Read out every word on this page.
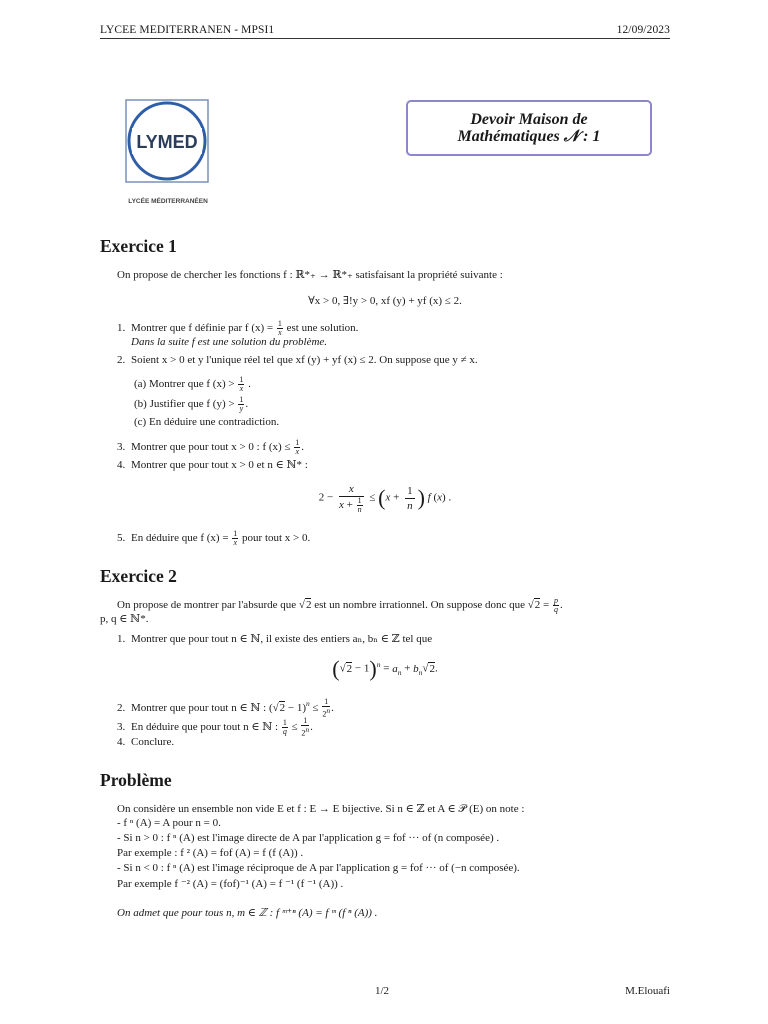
LYCEE MEDITERRANEN - MPSI1	12/09/2023
LYMED
LYCÉE MÉDITERRANÉEN
Devoir Maison de
Mathématiques 𝒩 : 1
Exercice 1
On propose de chercher les fonctions f : ℝ*₊ → ℝ*₊ satisfaisant la propriété suivante :
∀x > 0, ∃!y > 0, xf (y) + yf (x) ≤ 2.
1. Montrer que f définie par f $(x) = \frac{1}{x}$ est une solution.
Dans la suite f est une solution du problème.
2. Soient x > 0 et y l'unique réel tel que xf (y) + yf (x) ≤ 2. On suppose que y ≠ x.
(a) Montrer que f $(x) > \frac{1}{x}$ .
(b) Justifier que f $(y) > \frac{1}{y}$ .
(c) En déduire une contradiction.
3. Montrer que pour tout x > 0 : f $(x) \le \frac{1}{x}$ .
4. Montrer que pour tout x > 0 et n ∈ ℕ* :
$2 - \frac{x}{x + \frac{1}{n}} \le (x + \frac{1}{n}$ ) f (x) .
5. En déduire que f $(x) = \frac{1}{x}$ pour tout x > 0.
Exercice 2
On propose de montrer par l'absurde que √2 est un nombre irrationnel. On suppose donc que $√2 = \frac{p}{q}$ .
p, q ∈ ℕ*.
1. Montrer que pour tout n ∈ ℕ, il existe des entiers aₙ, bₙ ∈ ℤ tel que
$(√2 - 1)^n = a_n + b_n√2$.
2. Montrer que pour tout n ∈ ℕ : $(√2 - 1)^n \le \frac{1}{2^n}$ .
3. En déduire que pour tout n ∈ ℕ : $\frac{1}{q} \le \frac{1}{2^n}$ .
4. Conclure.
Problème
On considère un ensemble non vide E et f : E → E bijective. Si n ∈ ℤ et A ∈ 𝒫 (E) on note :
- f ⁿ (A) = A pour n = 0.
- Si n > 0 : f ⁿ (A) est l'image directe de A par l'application g = fof ··· of (n composée) .
Par exemple : f ² (A) = fof (A) = f (f (A)) .
- Si n < 0 : f ⁿ (A) est l'image réciproque de A par l'application g = fof ··· of (−n composée).
Par exemple f ⁻² (A) = (fof)⁻¹ (A) = f ⁻¹ (f ⁻¹ (A)) .
On admet que pour tous n, m ∈ ℤ : f ᵐ⁺ⁿ (A) = f ᵐ (f ⁿ (A)) .
1/2	M.Elouafi
